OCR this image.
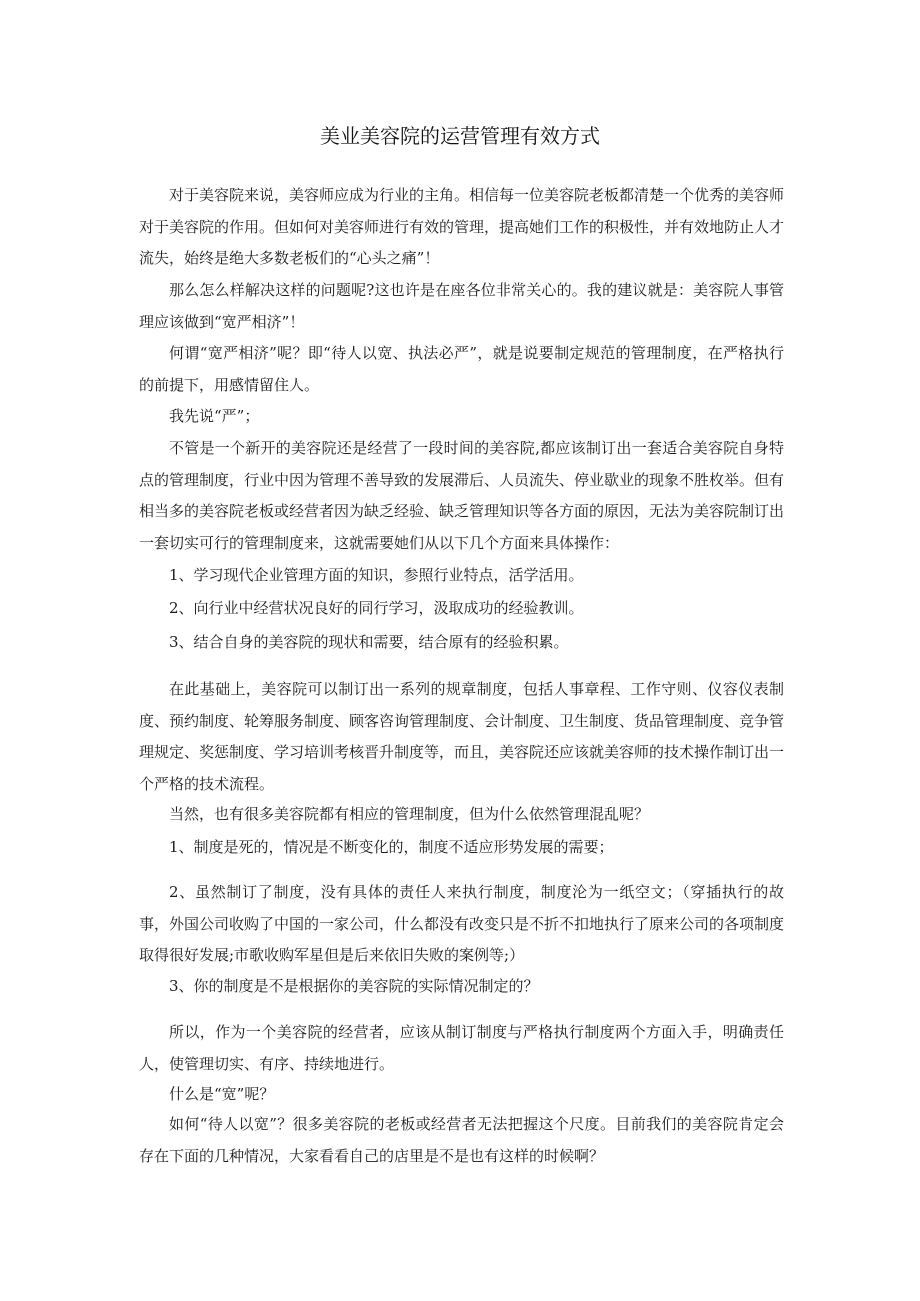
美业美容院的运营管理有效方式

对于美容院来说，美容师应成为行业的主角。相信每一位美容院老板都清楚一个优秀的美容师对于美容院的作用。但如何对美容师进行有效的管理，提高她们工作的积极性，并有效地防止人才流失，始终是绝大多数老板们的“心头之痛”！

那么怎么样解决这样的问题呢?这也许是在座各位非常关心的。我的建议就是：美容院人事管理应该做到“宽严相济”！

何谓“宽严相济”呢？即“待人以宽、执法必严”，就是说要制定规范的管理制度，在严格执行的前提下，用感情留住人。

我先说“严”；

不管是一个新开的美容院还是经营了一段时间的美容院,都应该制订出一套适合美容院自身特点的管理制度，行业中因为管理不善导致的发展滞后、人员流失、停业歇业的现象不胜枚举。但有相当多的美容院老板或经营者因为缺乏经验、缺乏管理知识等各方面的原因，无法为美容院制订出一套切实可行的管理制度来，这就需要她们从以下几个方面来具体操作：

1、学习现代企业管理方面的知识，参照行业特点，活学活用。

2、向行业中经营状况良好的同行学习，汲取成功的经验教训。

3、结合自身的美容院的现状和需要，结合原有的经验积累。

在此基础上，美容院可以制订出一系列的规章制度，包括人事章程、工作守则、仪容仪表制度、预约制度、轮筹服务制度、顾客咨询管理制度、会计制度、卫生制度、货品管理制度、竞争管理规定、奖惩制度、学习培训考核晋升制度等，而且，美容院还应该就美容师的技术操作制订出一个严格的技术流程。

当然，也有很多美容院都有相应的管理制度，但为什么依然管理混乱呢？

1、制度是死的，情况是不断变化的，制度不适应形势发展的需要；

2、虽然制订了制度，没有具体的责任人来执行制度，制度沦为一纸空文；（穿插执行的故事，外国公司收购了中国的一家公司，什么都没有改变只是不折不扣地执行了原来公司的各项制度取得很好发展;市歌收购军星但是后来依旧失败的案例等;）

3、你的制度是不是根据你的美容院的实际情况制定的？

所以，作为一个美容院的经营者，应该从制订制度与严格执行制度两个方面入手，明确责任人，使管理切实、有序、持续地进行。

什么是“宽”呢？

如何“待人以宽”？很多美容院的老板或经营者无法把握这个尺度。目前我们的美容院肯定会存在下面的几种情况，大家看看自己的店里是不是也有这样的时候啊？
